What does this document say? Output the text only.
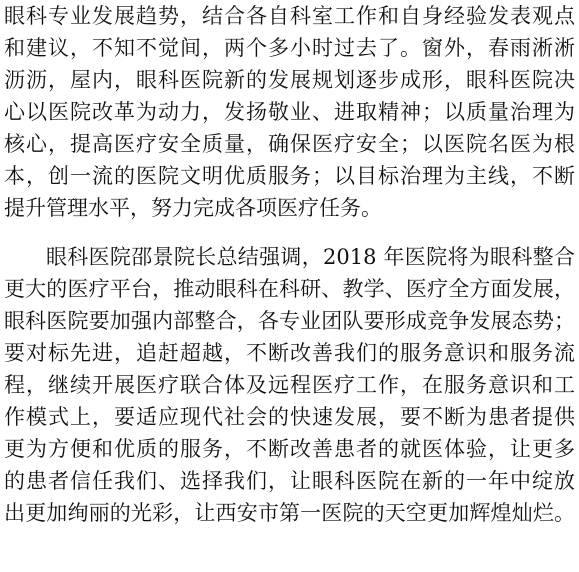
眼科专业发展趋势，结合各自科室工作和自身经验发表观点
和建议，不知不觉间，两个多小时过去了。窗外，春雨淅淅
沥沥，屋内，眼科医院新的发展规划逐步成形，眼科医院决
心以医院改革为动力，发扬敬业、进取精神；以质量治理为
核心，提高医疗安全质量，确保医疗安全；以医院名医为根
本，创一流的医院文明优质服务；以目标治理为主线，不断
提升管理水平，努力完成各项医疗任务。
眼科医院邵景院长总结强调，2018 年医院将为眼科整合
更大的医疗平台，推动眼科在科研、教学、医疗全方面发展，
眼科医院要加强内部整合，各专业团队要形成竞争发展态势；
要对标先进，追赶超越，不断改善我们的服务意识和服务流
程，继续开展医疗联合体及远程医疗工作，在服务意识和工
作模式上，要适应现代社会的快速发展，要不断为患者提供
更为方便和优质的服务，不断改善患者的就医体验，让更多
的患者信任我们、选择我们，让眼科医院在新的一年中绽放
出更加绚丽的光彩，让西安市第一医院的天空更加辉煌灿烂。
